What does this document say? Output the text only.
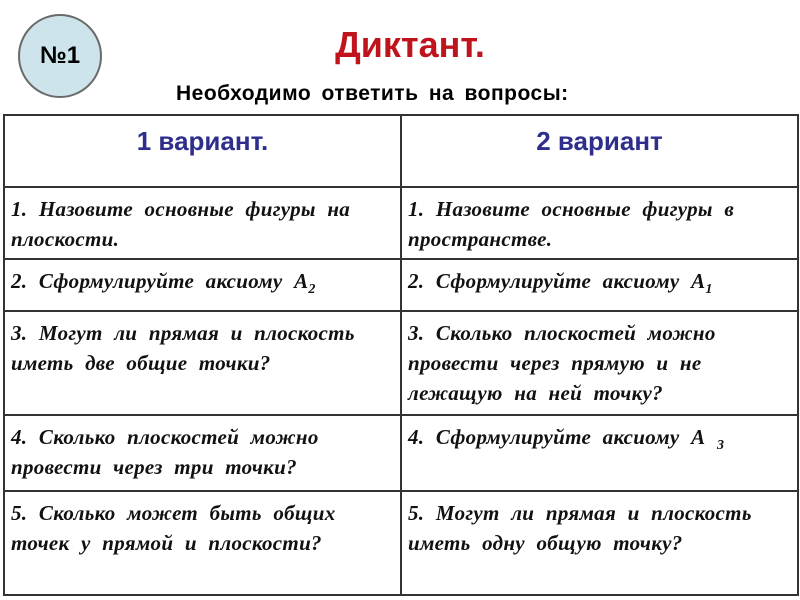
№1	Диктант.
Необходимо ответить на вопросы:
1 вариант.	2 вариант
1. Назовите основные фигуры на плоскости.	1. Назовите основные фигуры в пространстве.
2. Сформулируйте аксиому $А_2$	2. Сформулируйте аксиому $А_1$
3. Могут ли прямая и плоскость иметь две общие точки?	3. Сколько плоскостей можно провести через прямую и не лежащую на ней точку?
4. Сколько плоскостей можно провести через три точки?	4. Сформулируйте аксиому А $_3$
5. Сколько может быть общих точек у прямой и плоскости?	5. Могут ли прямая и плоскость иметь одну общую точку?
